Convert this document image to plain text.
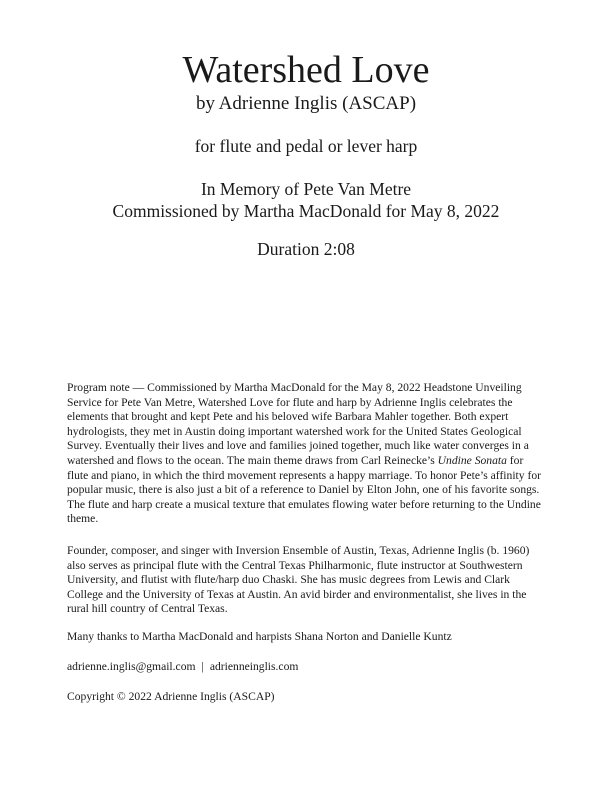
Watershed Love
by Adrienne Inglis (ASCAP)
for flute and pedal or lever harp
In Memory of Pete Van Metre
Commissioned by Martha MacDonald for May 8, 2022
Duration 2:08

Program note — Commissioned by Martha MacDonald for the May 8, 2022 Headstone Unveiling Service for Pete Van Metre, Watershed Love for flute and harp by Adrienne Inglis celebrates the elements that brought and kept Pete and his beloved wife Barbara Mahler together. Both expert hydrologists, they met in Austin doing important watershed work for the United States Geological Survey. Eventually their lives and love and families joined together, much like water converges in a watershed and flows to the ocean. The main theme draws from Carl Reinecke’s Undine Sonata for flute and piano, in which the third movement represents a happy marriage. To honor Pete’s affinity for popular music, there is also just a bit of a reference to Daniel by Elton John, one of his favorite songs. The flute and harp create a musical texture that emulates flowing water before returning to the Undine theme.

Founder, composer, and singer with Inversion Ensemble of Austin, Texas, Adrienne Inglis (b. 1960) also serves as principal flute with the Central Texas Philharmonic, flute instructor at Southwestern University, and flutist with flute/harp duo Chaski. She has music degrees from Lewis and Clark College and the University of Texas at Austin. An avid birder and environmentalist, she lives in the rural hill country of Central Texas.

Many thanks to Martha MacDonald and harpists Shana Norton and Danielle Kuntz

adrienne.inglis@gmail.com | adrienneinglis.com

Copyright © 2022 Adrienne Inglis (ASCAP)
